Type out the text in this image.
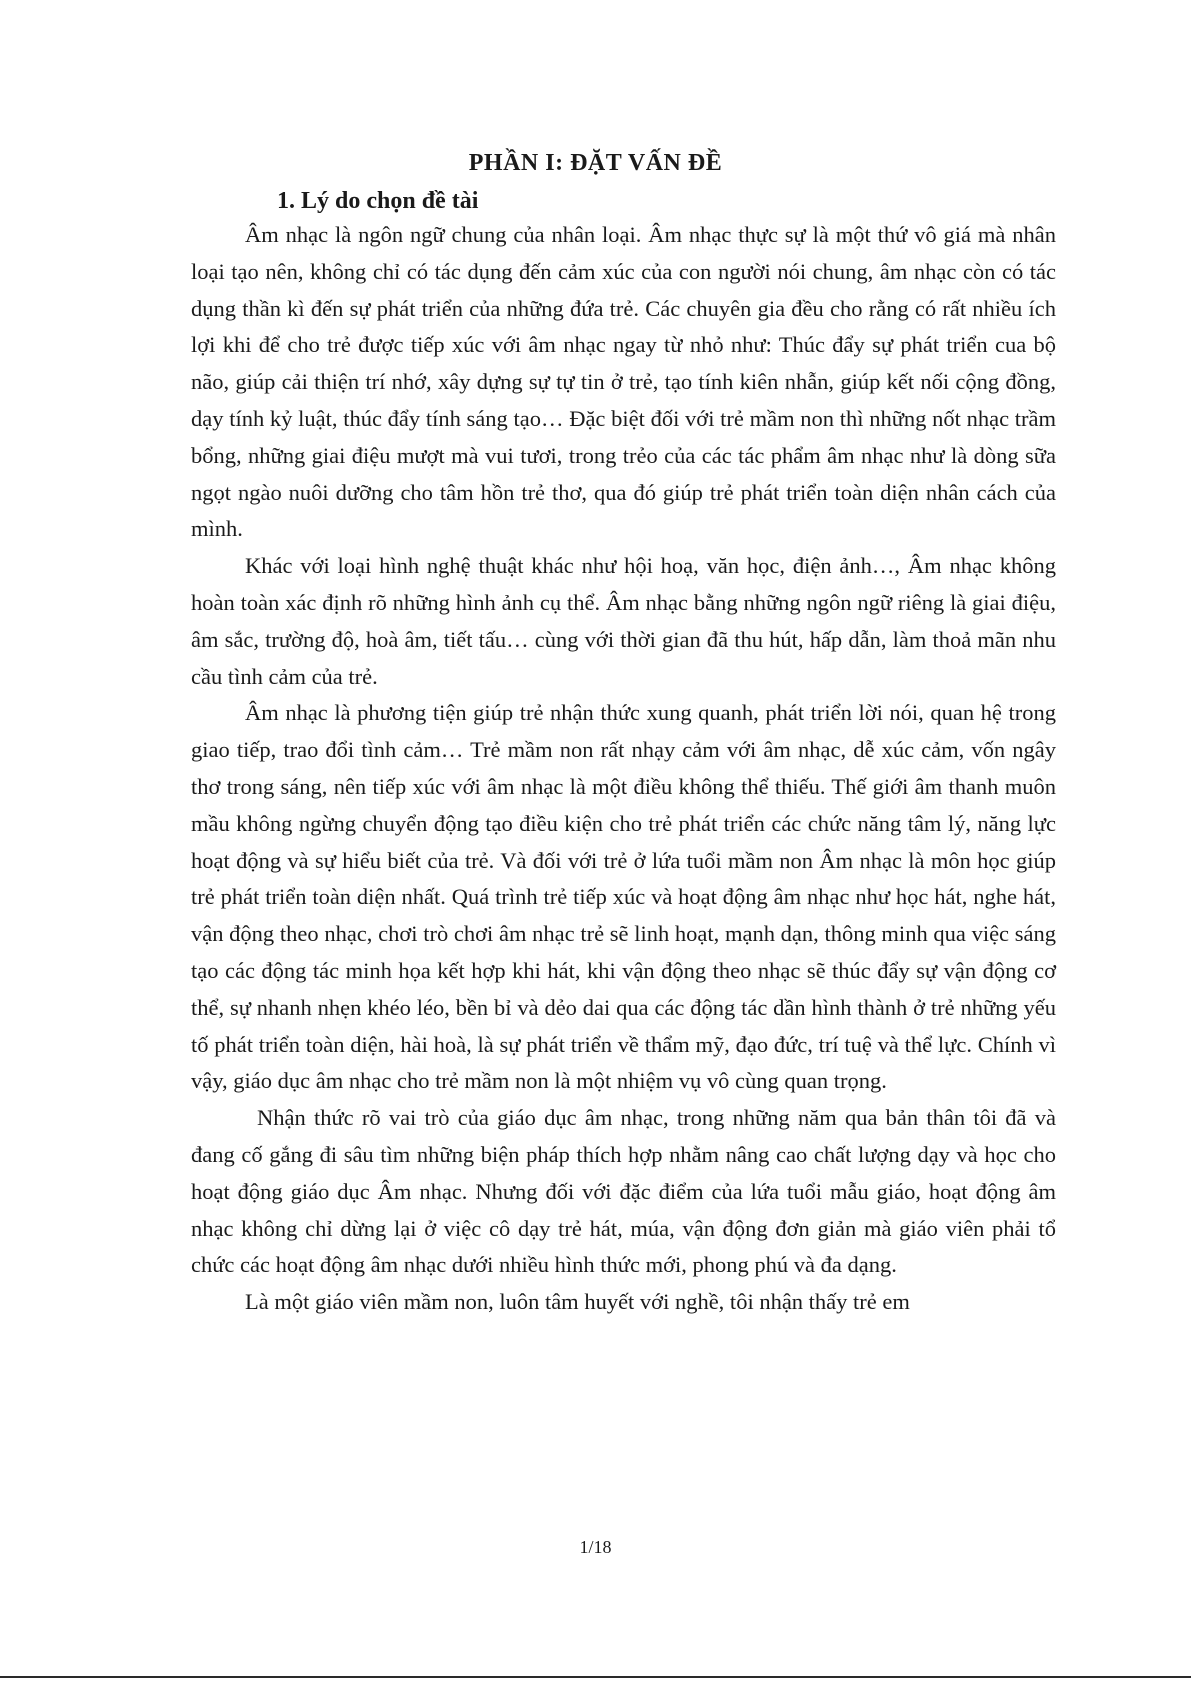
PHẦN I: ĐẶT VẤN ĐỀ
1. Lý do chọn đề tài

Âm nhạc là ngôn ngữ chung của nhân loại. Âm nhạc thực sự là một thứ vô giá mà nhân loại tạo nên, không chỉ có tác dụng đến cảm xúc của con người nói chung, âm nhạc còn có tác dụng thần kì đến sự phát triển của những đứa trẻ. Các chuyên gia đều cho rằng có rất nhiều ích lợi khi để cho trẻ được tiếp xúc với âm nhạc ngay từ nhỏ như: Thúc đẩy sự phát triển cua bộ não, giúp cải thiện trí nhớ, xây dựng sự tự tin ở trẻ, tạo tính kiên nhẫn, giúp kết nối cộng đồng, dạy tính kỷ luật, thúc đẩy tính sáng tạo… Đặc biệt đối với trẻ mầm non thì những nốt nhạc trầm bổng, những giai điệu mượt mà vui tươi, trong trẻo của các tác phẩm âm nhạc như là dòng sữa ngọt ngào nuôi dưỡng cho tâm hồn trẻ thơ, qua đó giúp trẻ phát triển toàn diện nhân cách của mình.

Khác với loại hình nghệ thuật khác như hội hoạ, văn học, điện ảnh…, Âm nhạc không hoàn toàn xác định rõ những hình ảnh cụ thể. Âm nhạc bằng những ngôn ngữ riêng là giai điệu, âm sắc, trường độ, hoà âm, tiết tấu… cùng với thời gian đã thu hút, hấp dẫn, làm thoả mãn nhu cầu tình cảm của trẻ.

Âm nhạc là phương tiện giúp trẻ nhận thức xung quanh, phát triển lời nói, quan hệ trong giao tiếp, trao đổi tình cảm… Trẻ mầm non rất nhạy cảm với âm nhạc, dễ xúc cảm, vốn ngây thơ trong sáng, nên tiếp xúc với âm nhạc là một điều không thể thiếu. Thế giới âm thanh muôn mầu không ngừng chuyển động tạo điều kiện cho trẻ phát triển các chức năng tâm lý, năng lực hoạt động và sự hiểu biết của trẻ. Và đối với trẻ ở lứa tuổi mầm non Âm nhạc là môn học giúp trẻ phát triển toàn diện nhất. Quá trình trẻ tiếp xúc và hoạt động âm nhạc như học hát, nghe hát, vận động theo nhạc, chơi trò chơi âm nhạc trẻ sẽ linh hoạt, mạnh dạn, thông minh qua việc sáng tạo các động tác minh họa kết hợp khi hát, khi vận động theo nhạc sẽ thúc đẩy sự vận động cơ thể, sự nhanh nhẹn khéo léo, bền bỉ và dẻo dai qua các động tác dần hình thành ở trẻ những yếu tố phát triển toàn diện, hài hoà, là sự phát triển về thẩm mỹ, đạo đức, trí tuệ và thể lực. Chính vì vậy, giáo dục âm nhạc cho trẻ mầm non là một nhiệm vụ vô cùng quan trọng.

Nhận thức rõ vai trò của giáo dục âm nhạc, trong những năm qua bản thân tôi đã và đang cố gắng đi sâu tìm những biện pháp thích hợp nhằm nâng cao chất lượng dạy và học cho hoạt động giáo dục Âm nhạc. Nhưng đối với đặc điểm của lứa tuổi mẫu giáo, hoạt động âm nhạc không chỉ dừng lại ở việc cô dạy trẻ hát, múa, vận động đơn giản mà giáo viên phải tổ chức các hoạt động âm nhạc dưới nhiều hình thức mới, phong phú và đa dạng.

Là một giáo viên mầm non, luôn tâm huyết với nghề, tôi nhận thấy trẻ em

1/18
